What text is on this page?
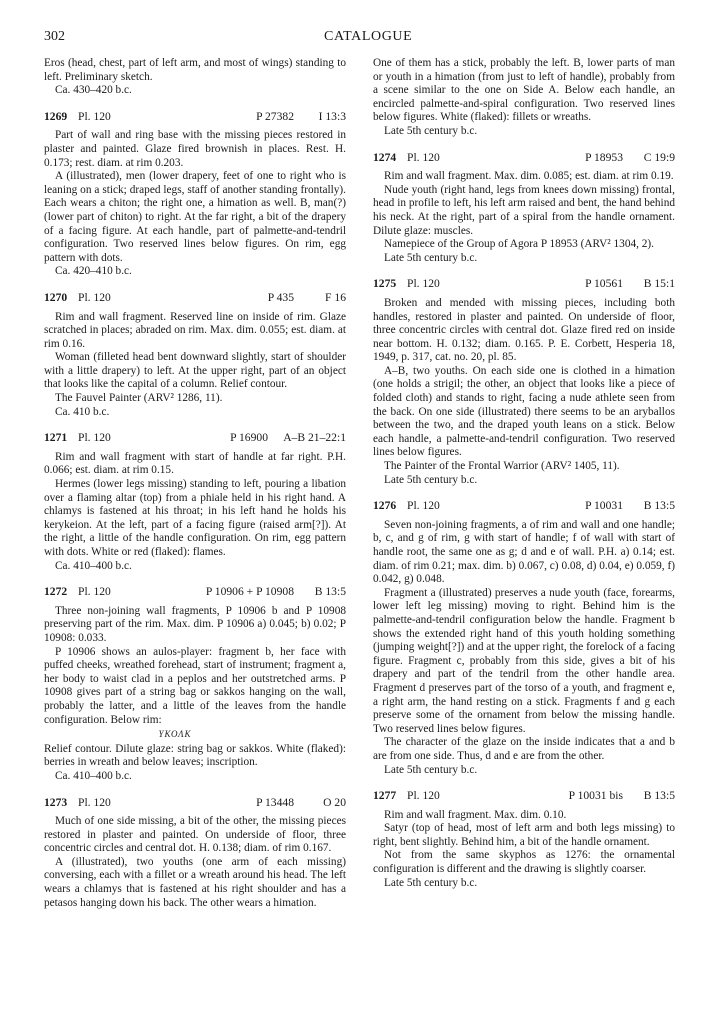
302	CATALOGUE

Eros (head, chest, part of left arm, and most of wings) standing to left. Preliminary sketch.

Ca. 430–420 b.c.

1269 Pl. 120	P 27382	I 13:3

Part of wall and ring base with the missing pieces restored in plaster and painted. Glaze fired brownish in places. Rest. H. 0.173; rest. diam. at rim 0.203.

A (illustrated), men (lower drapery, feet of one to right who is leaning on a stick; draped legs, staff of another standing frontally). Each wears a chiton; the right one, a himation as well. B, man(?) (lower part of chiton) to right. At the far right, a bit of the drapery of a facing figure. At each handle, part of palmette-and-tendril configuration. Two reserved lines below figures. On rim, egg pattern with dots.

Ca. 420–410 b.c.

1270 Pl. 120	P 435	F 16

Rim and wall fragment. Reserved line on inside of rim. Glaze scratched in places; abraded on rim. Max. dim. 0.055; est. diam. at rim 0.16.

Woman (filleted head bent downward slightly, start of shoulder with a little drapery) to left. At the upper right, part of an object that looks like the capital of a column. Relief contour.

The Fauvel Painter (ARV² 1286, 11).

Ca. 410 b.c.

1271 Pl. 120	P 16900	A–B 21–22:1

Rim and wall fragment with start of handle at far right. P.H. 0.066; est. diam. at rim 0.15.

Hermes (lower legs missing) standing to left, pouring a libation over a flaming altar (top) from a phiale held in his right hand. A chlamys is fastened at his throat; in his left hand he holds his kerykeion. At the left, part of a facing figure (raised arm[?]). At the right, a little of the handle configuration. On rim, egg pattern with dots. White or red (flaked): flames.

Ca. 410–400 b.c.

1272 Pl. 120	P 10906 + P 10908	B 13:5

Three non-joining wall fragments, P 10906 b and P 10908 preserving part of the rim. Max. dim. P 10906 a) 0.045; b) 0.02; P 10908: 0.033.

P 10906 shows an aulos-player: fragment b, her face with puffed cheeks, wreathed forehead, start of instrument; fragment a, her body to waist clad in a peplos and her outstretched arms. P 10908 gives part of a string bag or sakkos hanging on the wall, probably the latter, and a little of the leaves from the handle configuration. Below rim:

ΥΚΟΛΚ

Relief contour. Dilute glaze: string bag or sakkos. White (flaked): berries in wreath and below leaves; inscription.

Ca. 410–400 b.c.

1273 Pl. 120	P 13448	O 20

Much of one side missing, a bit of the other, the missing pieces restored in plaster and painted. On underside of floor, three concentric circles and central dot. H. 0.138; diam. of rim 0.167.

A (illustrated), two youths (one arm of each missing) conversing, each with a fillet or a wreath around his head. The left wears a chlamys that is fastened at his right shoulder and has a petasos hanging down his back. The other wears a himation.

One of them has a stick, probably the left. B, lower parts of man or youth in a himation (from just to left of handle), probably from a scene similar to the one on Side A. Below each handle, an encircled palmette-and-spiral configuration. Two reserved lines below figures. White (flaked): fillets or wreaths.

Late 5th century b.c.

1274 Pl. 120	P 18953	C 19:9

Rim and wall fragment. Max. dim. 0.085; est. diam. at rim 0.19.

Nude youth (right hand, legs from knees down missing) frontal, head in profile to left, his left arm raised and bent, the hand behind his neck. At the right, part of a spiral from the handle ornament. Dilute glaze: muscles.

Namepiece of the Group of Agora P 18953 (ARV² 1304, 2).

Late 5th century b.c.

1275 Pl. 120	P 10561	B 15:1

Broken and mended with missing pieces, including both handles, restored in plaster and painted. On underside of floor, three concentric circles with central dot. Glaze fired red on inside near bottom. H. 0.132; diam. 0.165. P. E. Corbett, Hesperia 18, 1949, p. 317, cat. no. 20, pl. 85.

A–B, two youths. On each side one is clothed in a himation (one holds a strigil; the other, an object that looks like a piece of folded cloth) and stands to right, facing a nude athlete seen from the back. On one side (illustrated) there seems to be an aryballos between the two, and the draped youth leans on a stick. Below each handle, a palmette-and-tendril configuration. Two reserved lines below figures.

The Painter of the Frontal Warrior (ARV² 1405, 11).

Late 5th century b.c.

1276 Pl. 120	P 10031	B 13:5

Seven non-joining fragments, a of rim and wall and one handle; b, c, and g of rim, g with start of handle; f of wall with start of handle root, the same one as g; d and e of wall. P.H. a) 0.14; est. diam. of rim 0.21; max. dim. b) 0.067, c) 0.08, d) 0.04, e) 0.059, f) 0.042, g) 0.048.

Fragment a (illustrated) preserves a nude youth (face, forearms, lower left leg missing) moving to right. Behind him is the palmette-and-tendril configuration below the handle. Fragment b shows the extended right hand of this youth holding something (jumping weight[?]) and at the upper right, the forelock of a facing figure. Fragment c, probably from this side, gives a bit of his drapery and part of the tendril from the other handle area. Fragment d preserves part of the torso of a youth, and fragment e, a right arm, the hand resting on a stick. Fragments f and g each preserve some of the ornament from below the missing handle. Two reserved lines below figures.

The character of the glaze on the inside indicates that a and b are from one side. Thus, d and e are from the other.

Late 5th century b.c.

1277 Pl. 120	P 10031 bis	B 13:5

Rim and wall fragment. Max. dim. 0.10.

Satyr (top of head, most of left arm and both legs missing) to right, bent slightly. Behind him, a bit of the handle ornament.

Not from the same skyphos as 1276: the ornamental configuration is different and the drawing is slightly coarser.

Late 5th century b.c.
